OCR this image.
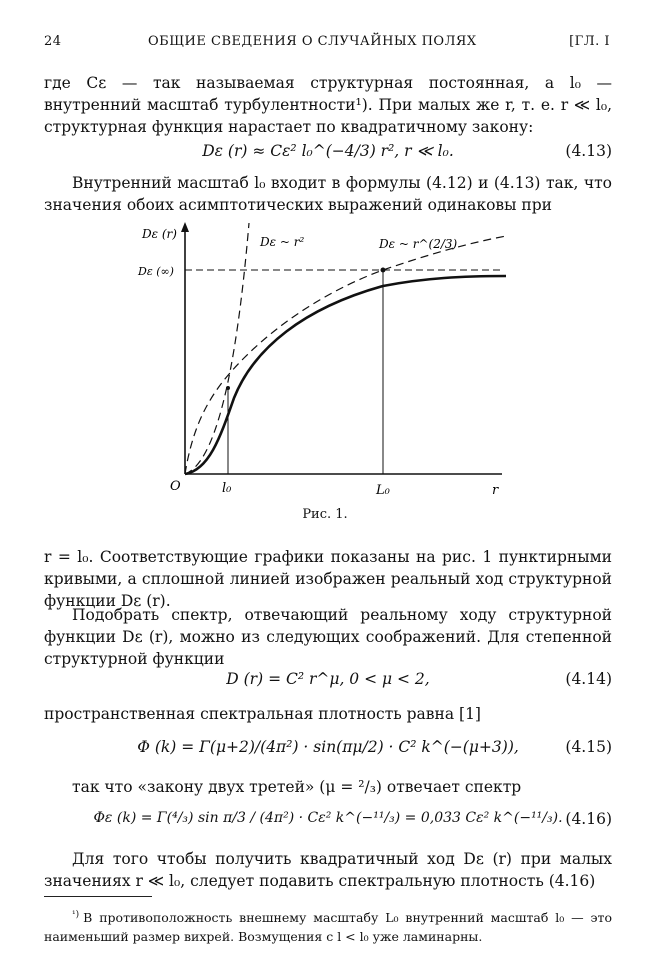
24	ОБЩИЕ СВЕДЕНИЯ О СЛУЧАЙНЫХ ПОЛЯХ	[ГЛ. I

где Cε — так называемая структурная постоянная, а l₀ — внутренний масштаб турбулентности¹). При малых же r, т. е. r ≪ l₀, структурная функция нарастает по квадратичному закону:

Dε (r) ≈ Cε² l₀^(−4/3) r², r ≪ l₀.	(4.13)

Внутренний масштаб l₀ входит в формулы (4.12) и (4.13) так, что значения обоих асимптотических выражений одинаковы при

Dε (r)
Dε (∞)
Dε ~ r²	Dε ~ r^(2/3)
O	l₀	L₀	r
Рис. 1.

r = l₀. Соответствующие графики показаны на рис. 1 пунктирными кривыми, а сплошной линией изображен реальный ход структурной функции Dε (r).

Подобрать спектр, отвечающий реальному ходу структурной функции Dε (r), можно из следующих соображений. Для степенной структурной функции

D (r) = C² r^μ, 0 < μ < 2,	(4.14)

пространственная спектральная плотность равна [1]

Φ (k) = Γ(μ+2)/(4π²) · sin(πμ/2) · C² k^(−(μ+3)),	(4.15)

так что «закону двух третей» (μ = ²/₃) отвечает спектр

Φε (k) = Γ(⁴/₃) sin π/3 / (4π²) · Cε² k^(−¹¹/₃) = 0,033 Cε² k^(−¹¹/₃). (4.16)

Для того чтобы получить квадратичный ход Dε (r) при малых значениях r ≪ l₀, следует подавить спектральную плотность (4.16)

$^{^1)}$ В противоположность внешнему масштабу L₀ внутренний масштаб l₀ — это наименьший размер вихрей. Возмущения с l < l₀ уже ламинарны.
